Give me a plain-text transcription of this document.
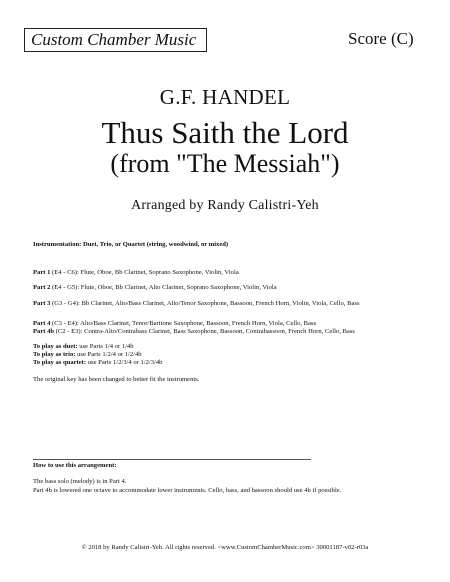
Custom Chamber Music	Score (C)
G.F. HANDEL
Thus Saith the Lord
(from "The Messiah")
Arranged by Randy Calistri-Yeh
Instrumentation: Duet, Trio, or Quartet (string, woodwind, or mixed)
Part 1 (E4 - C6): Flute, Oboe, Bb Clarinet, Soprano Saxophone, Violin, Viola
Part 2 (E4 - G5): Flute, Oboe, Bb Clarinet, Alto Clarinet, Soprano Saxophone, Violin, Viola
Part 3 (G3 - G4): Bb Clarinet, Alto/Bass Clarinet, Alto/Tenor Saxophone, Bassoon, French Horn, Violin, Viola, Cello, Bass
Part 4 (C3 - E4): Alto/Bass Clarinet, Tenor/Baritone Saxophone, Bassoon, French Horn, Viola, Cello, Bass
Part 4b (C2 - E3): Contra-Alto/Contrabass Clarinet, Bass Saxophone, Bassoon, Contrabassoon, French Horn, Cello, Bass
To play as duet: use Parts 1/4 or 1/4b
To play as trio: use Parts 1/2/4 or 1/2/4b
To play as quartet: use Parts 1/2/3/4 or 1/2/3/4b
The original key has been changed to better fit the instruments.
How to use this arrangement:
The bass solo (melody) is in Part 4.
Part 4b is lowered one octave to accommodate lower instruments. Cello, bass, and bassoon should use 4b if possible.
© 2018 by Randy Calistri-Yeh. All rights reserved. <www.CustomChamberMusic.com> 30001187-v02-r03a
